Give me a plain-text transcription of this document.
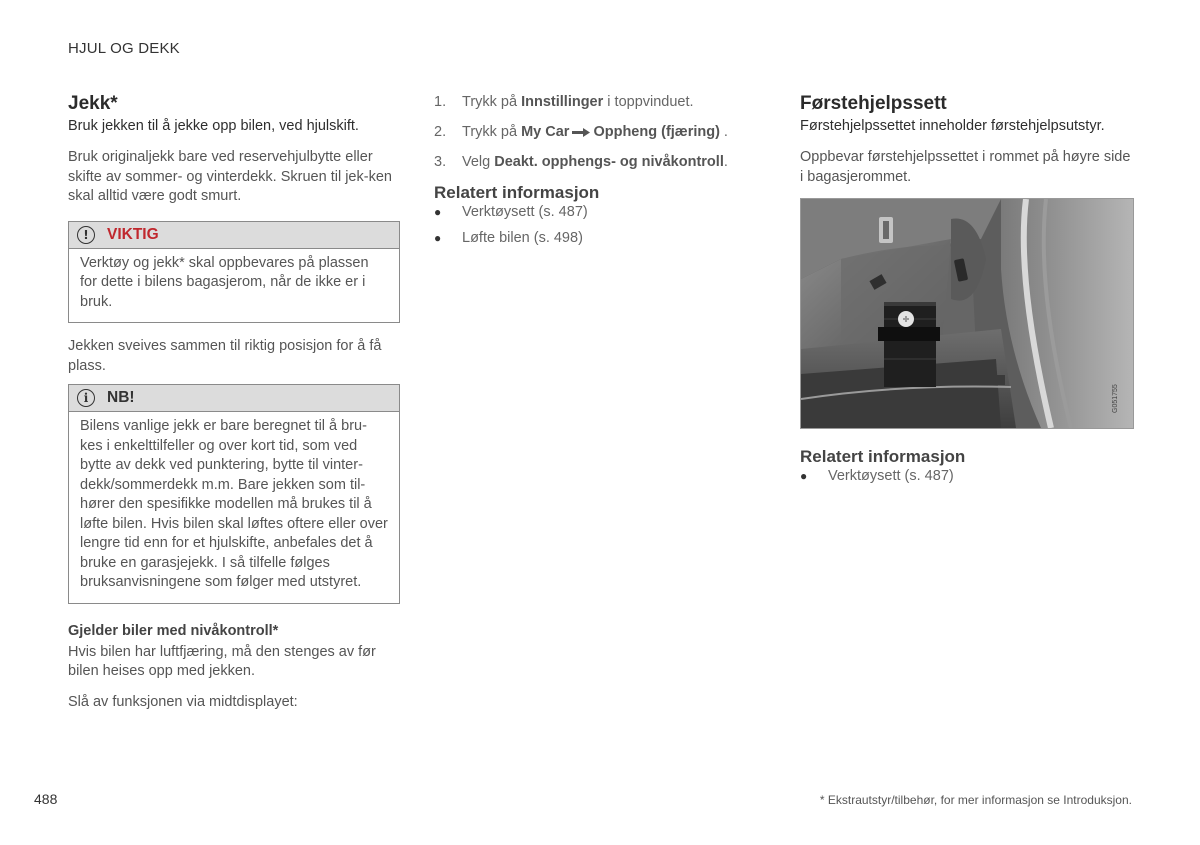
HJUL OG DEKK
Jekk*
Bruk jekken til å jekke opp bilen, ved hjulskift.
Bruk originaljekk bare ved reservehjulbytte eller skifte av sommer- og vinterdekk. Skruen til jek-ken skal alltid være godt smurt.
!	VIKTIG
Verktøy og jekk* skal oppbevares på plassen for dette i bilens bagasjerom, når de ikke er i bruk.
Jekken sveives sammen til riktig posisjon for å få plass.
i	NB!
Bilens vanlige jekk er bare beregnet til å bru-kes i enkelttilfeller og over kort tid, som ved bytte av dekk ved punktering, bytte til vinter-dekk/sommerdekk m.m. Bare jekken som til-hører den spesifikke modellen må brukes til å løfte bilen. Hvis bilen skal løftes oftere eller over lengre tid enn for et hjulskifte, anbefales det å bruke en garasjejekk. I så tilfelle følges bruksanvisningene som følger med utstyret.
Gjelder biler med nivåkontroll*
Hvis bilen har luftfjæring, må den stenges av før bilen heises opp med jekken.
Slå av funksjonen via midtdisplayet:
1.	Trykk på Innstillinger i toppvinduet.
2.	Trykk på My Car Oppheng (fjæring) .
3.	Velg Deakt. opphengs- og nivåkontroll.
Relatert informasjon
●	Verktøysett (s. 487)
●	Løfte bilen (s. 498)
Førstehjelpssett
Førstehjelpssettet inneholder førstehjelpsutstyr.
Oppbevar førstehjelpssettet i rommet på høyre side i bagasjerommet.
G051755
Relatert informasjon
●	Verktøysett (s. 487)
488	* Ekstrautstyr/tilbehør, for mer informasjon se Introduksjon.
